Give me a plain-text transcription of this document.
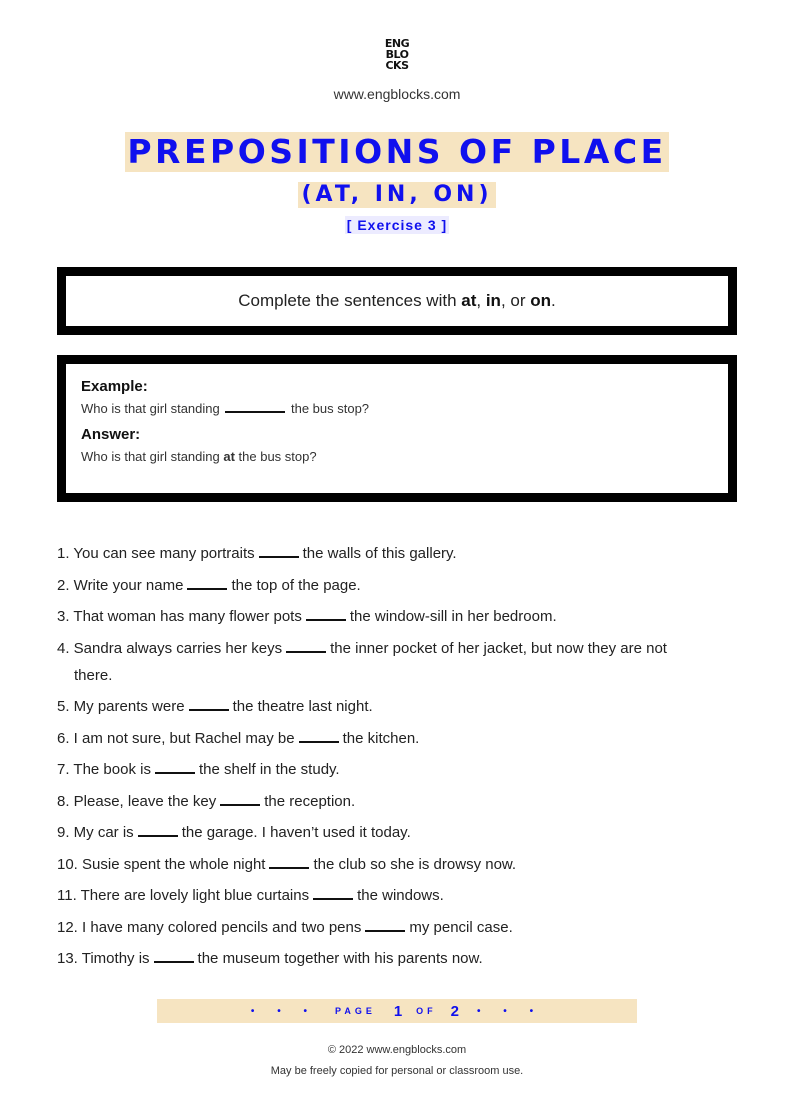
ENG
BLO
CKS
www.engblocks.com
PREPOSITIONS OF PLACE
(AT, IN, ON)
[ Exercise 3 ]
Complete the sentences with at, in, or on.
Example:
Who is that girl standing	the bus stop?
Answer:
Who is that girl standing at the bus stop?
1. You can see many portraits	the walls of this gallery.
2. Write your name	the top of the page.
3. That woman has many flower pots	the window-sill in her bedroom.
4. Sandra always carries her keys	the inner pocket of her jacket, but now they are not
there.
5. My parents were	the theatre last night.
6. I am not sure, but Rachel may be	the kitchen.
7. The book is	the shelf in the study.
8. Please, leave the key	the reception.
9. My car is	the garage. I haven’t used it today.
10. Susie spent the whole night	the club so she is drowsy now.
11. There are lovely light blue curtains	the windows.
12. I have many colored pencils and two pens	my pencil case.
13. Timothy is	the museum together with his parents now.
• • • PAGE 1 OF 2 • • •
© 2022 www.engblocks.com
May be freely copied for personal or classroom use.
